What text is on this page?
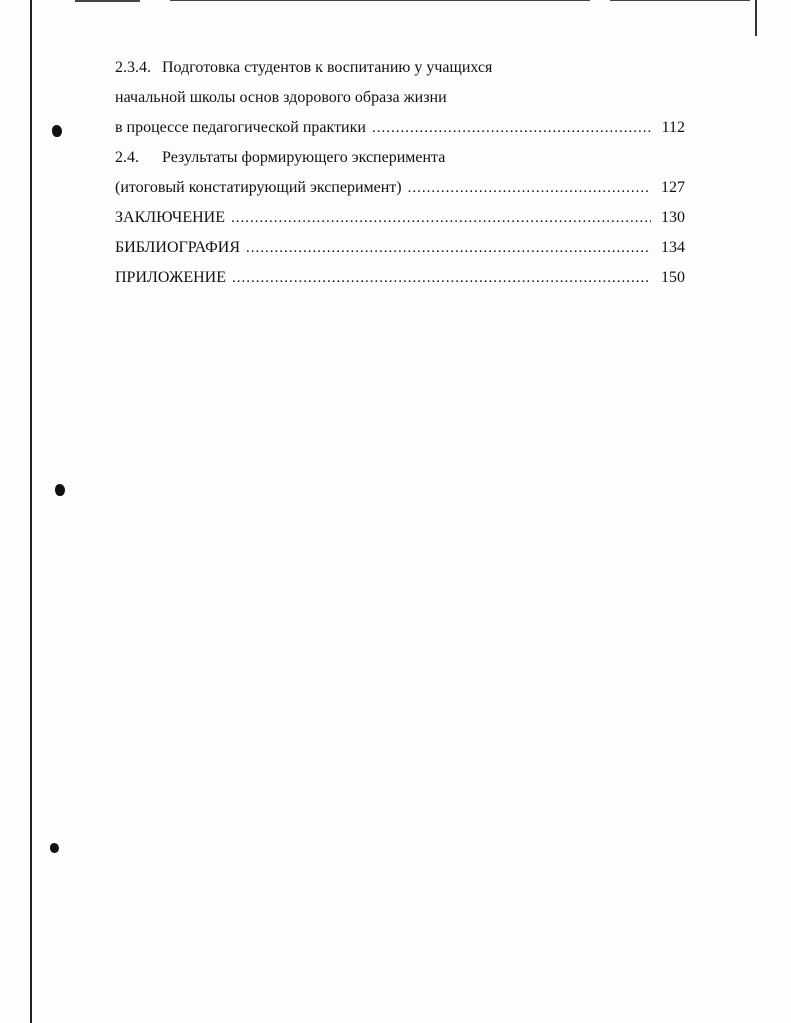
2.3.4. Подготовка студентов к воспитанию у учащихся
начальной школы основ здорового образа жизни
в процессе педагогической практики .....	112
2.4. Результаты формирующего эксперимента
(итоговый констатирующий эксперимент) .....	127
ЗАКЛЮЧЕНИЕ .....	130
БИБЛИОГРАФИЯ .....	134
ПРИЛОЖЕНИЕ .....	150
